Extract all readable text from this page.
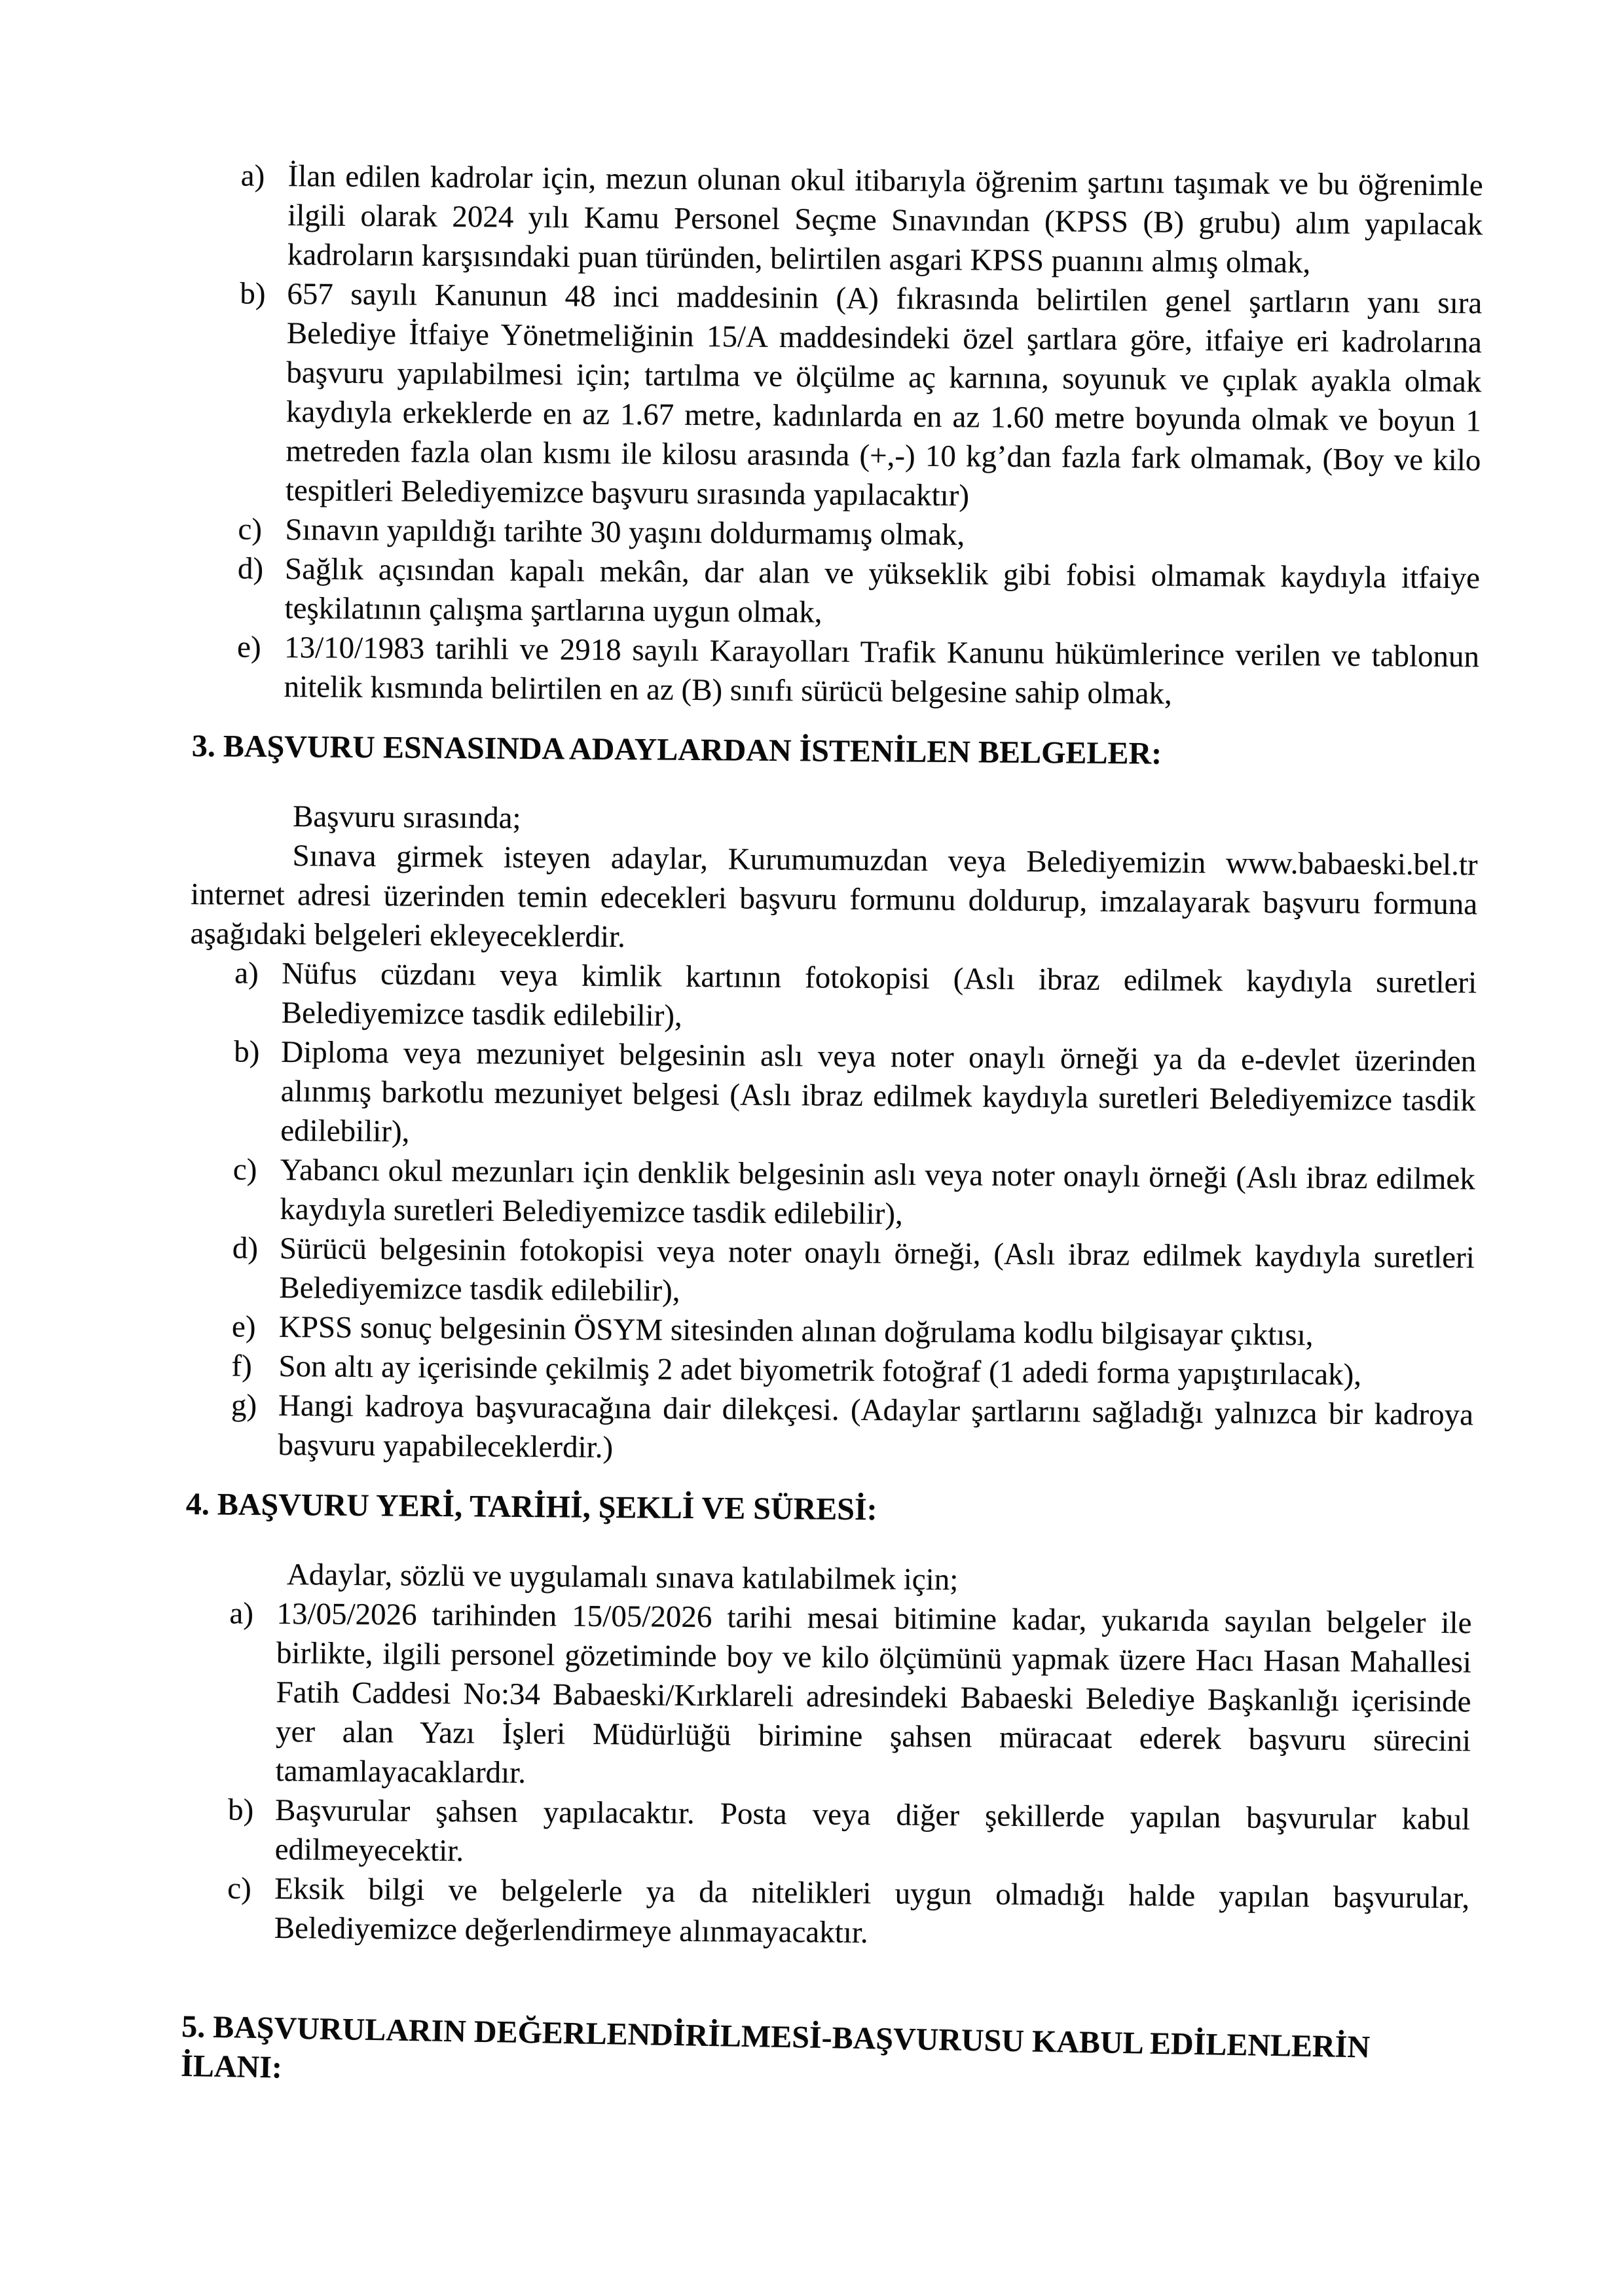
a) İlan edilen kadrolar için, mezun olunan okul itibarıyla öğrenim şartını taşımak ve bu öğrenimle ilgili olarak 2024 yılı Kamu Personel Seçme Sınavından (KPSS (B) grubu) alım yapılacak kadroların karşısındaki puan türünden, belirtilen asgari KPSS puanını almış olmak,
b) 657 sayılı Kanunun 48 inci maddesinin (A) fıkrasında belirtilen genel şartların yanı sıra Belediye İtfaiye Yönetmeliğinin 15/A maddesindeki özel şartlara göre, itfaiye eri kadrolarına başvuru yapılabilmesi için; tartılma ve ölçülme aç karnına, soyunuk ve çıplak ayakla olmak kaydıyla erkeklerde en az 1.67 metre, kadınlarda en az 1.60 metre boyunda olmak ve boyun 1 metreden fazla olan kısmı ile kilosu arasında (+,-) 10 kg’dan fazla fark olmamak, (Boy ve kilo tespitleri Belediyemizce başvuru sırasında yapılacaktır)
c) Sınavın yapıldığı tarihte 30 yaşını doldurmamış olmak,
d) Sağlık açısından kapalı mekân, dar alan ve yükseklik gibi fobisi olmamak kaydıyla itfaiye teşkilatının çalışma şartlarına uygun olmak,
e) 13/10/1983 tarihli ve 2918 sayılı Karayolları Trafik Kanunu hükümlerince verilen ve tablonun nitelik kısmında belirtilen en az (B) sınıfı sürücü belgesine sahip olmak,
3. BAŞVURU ESNASINDA ADAYLARDAN İSTENİLEN BELGELER:

Başvuru sırasında;

Sınava girmek isteyen adaylar, Kurumumuzdan veya Belediyemizin www.babaeski.bel.tr internet adresi üzerinden temin edecekleri başvuru formunu doldurup, imzalayarak başvuru formuna aşağıdaki belgeleri ekleyeceklerdir.

a) Nüfus cüzdanı veya kimlik kartının fotokopisi (Aslı ibraz edilmek kaydıyla suretleri Belediyemizce tasdik edilebilir),
b) Diploma veya mezuniyet belgesinin aslı veya noter onaylı örneği ya da e-devlet üzerinden alınmış barkotlu mezuniyet belgesi (Aslı ibraz edilmek kaydıyla suretleri Belediyemizce tasdik edilebilir),
c) Yabancı okul mezunları için denklik belgesinin aslı veya noter onaylı örneği (Aslı ibraz edilmek kaydıyla suretleri Belediyemizce tasdik edilebilir),
d) Sürücü belgesinin fotokopisi veya noter onaylı örneği, (Aslı ibraz edilmek kaydıyla suretleri Belediyemizce tasdik edilebilir),
e) KPSS sonuç belgesinin ÖSYM sitesinden alınan doğrulama kodlu bilgisayar çıktısı,
f) Son altı ay içerisinde çekilmiş 2 adet biyometrik fotoğraf (1 adedi forma yapıştırılacak),
g) Hangi kadroya başvuracağına dair dilekçesi. (Adaylar şartlarını sağladığı yalnızca bir kadroya başvuru yapabileceklerdir.)
4. BAŞVURU YERİ, TARİHİ, ŞEKLİ VE SÜRESİ:

Adaylar, sözlü ve uygulamalı sınava katılabilmek için;

a) 13/05/2026 tarihinden 15/05/2026 tarihi mesai bitimine kadar, yukarıda sayılan belgeler ile birlikte, ilgili personel gözetiminde boy ve kilo ölçümünü yapmak üzere Hacı Hasan Mahallesi Fatih Caddesi No:34 Babaeski/Kırklareli adresindeki Babaeski Belediye Başkanlığı içerisinde yer alan Yazı İşleri Müdürlüğü birimine şahsen müracaat ederek başvuru sürecini tamamlayacaklardır.
b) Başvurular şahsen yapılacaktır. Posta veya diğer şekillerde yapılan başvurular kabul edilmeyecektir.
c) Eksik bilgi ve belgelerle ya da nitelikleri uygun olmadığı halde yapılan başvurular, Belediyemizce değerlendirmeye alınmayacaktır.
5. BAŞVURULARIN DEĞERLENDİRİLMESİ-BAŞVURUSU KABUL EDİLENLERİN İLANI:
